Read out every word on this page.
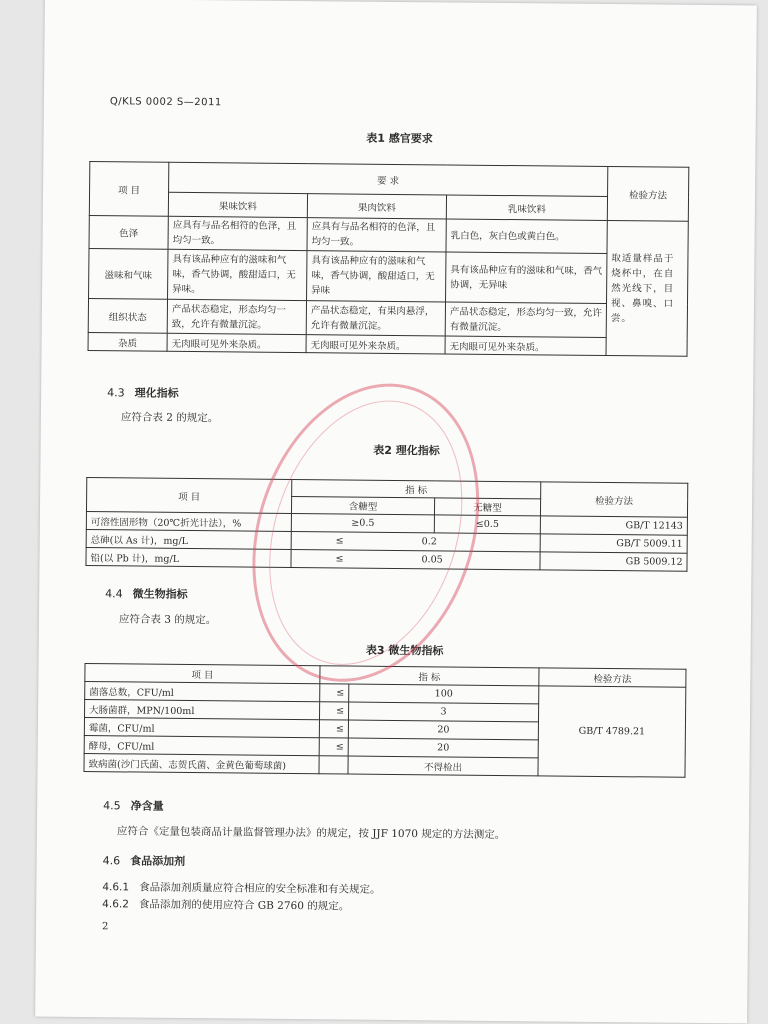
Q/KLS 0002 S—2011
表1 感官要求
项 目	要 求			检验方法
	果味饮料	果肉饮料	乳味饮料	
色泽	应具有与品名相符的色泽，且均匀一致。	应具有与品名相符的色泽，且均匀一致。	乳白色，灰白色或黄白色。	取适量样品于烧杯中，在自然光线下，目视、鼻嗅、口尝。
滋味和气味	具有该品种应有的滋味和气味，香气协调，酸甜适口，无异味。	具有该品种应有的滋味和气味，香气协调，酸甜适口，无异味	具有该品种应有的滋味和气味，香气协调，无异味	
组织状态	产品状态稳定，形态均匀一致，允许有微量沉淀。	产品状态稳定，有果肉悬浮，允许有微量沉淀。	产品状态稳定，形态均匀一致，允许有微量沉淀。	
杂质	无肉眼可见外来杂质。	无肉眼可见外来杂质。	无肉眼可见外来杂质。	
4.3 理化指标
应符合表 2 的规定。
表2 理化指标
项 目	指 标		检验方法
	含糖型	无糖型	
可溶性固形物（20℃折光计法），%	≥0.5	≤0.5	GB/T 12143
总砷(以 As 计)，mg/L	≤ 0.2		GB/T 5009.11
铅(以 Pb 计)，mg/L	≤ 0.05		GB 5009.12
4.4 微生物指标
应符合表 3 的规定。
表3 微生物指标
项 目	指 标		检验方法
菌落总数，CFU/ml	≤	100	GB/T 4789.21
大肠菌群，MPN/100ml	≤	3	
霉菌，CFU/ml	≤	20	
酵母，CFU/ml	≤	20	
致病菌(沙门氏菌、志贺氏菌、金黄色葡萄球菌)		不得检出	
4.5 净含量
应符合《定量包装商品计量监督管理办法》的规定，按 JJF 1070 规定的方法测定。
4.6 食品添加剂
4.6.1 食品添加剂质量应符合相应的安全标准和有关规定。
4.6.2 食品添加剂的使用应符合 GB 2760 的规定。
2
